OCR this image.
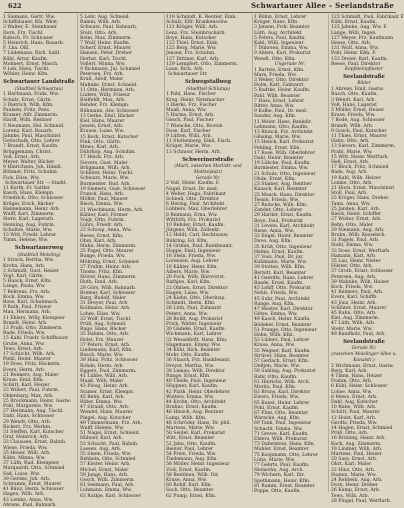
622	Schwartauer Allee – Seelandstraße
1 Siemann, Gertr. Ww.
Schiffsbauer, Kfz. Wkst.
3 Walter, E. Steinhauer
Dorn, Frz. Tischl.
Kubsch, Fr. Schlosser
5 Heinrich, Hans, Bauarb.
F. Lba. Olll.
7 Lüdemann, Rich. Sattl.
Kühl, Artur, Kaufm.
Mohnert, Ernst, Masch.
9 Leh, Hans, Tischl.
Wöhler, Heinr. Kfm.
Schwartauer Landstraße
(Stadtteil Schwartau)
1 Hartmann, Frida, Ww.
Schulz, Ernst, Gärtn.
3 Dietrich, Wilh. Kfm.
Paulsen, Fritz, Pens.
Kramer, Alfr. Zimmerm.
Hardt, Wilh. Rentner
5 Neumann, Hel. Schneid.
Lorenz, Karl, Bauarb.
Jahnke, Paul, Maschinist
Gottschalk, Otto, Lehrer
7 Brandt, Ernst, Kaufm.
Brüggemann, Christ.
Voß, Ernst, Arb.
Meyer, Walter, Bäcker
9 Hinrichsen, Joh. Händl.
Böhmer, Fritz, Schuhm.
Fick, Elise, Ww.
Schwartauer Str. → Stadtt.
11 Korth, Fr. Sattler
Kasch, Hans, Klempn.
Friedrich, Otto, Schlosser
Krüger, Erich, Bäcker
Hannemann, Heinr. Arb.
Wulff, Karl, Zimmerm.
Stern, Karl, Lagerarb.
Henning, Aug. Fuhrm.
Schultze, Marie, Ww.
13 Witt, Friedr. Lehrer
Timm, Helene, Ww.
Schwartauerweg
(Stadtteil Moisling)
1 Struck, Bertha, Ww.
Krohn, Hans, Arb.
3 Schmidt, Gust. Heizer
Vogt, Karl, Gärtn.
5 Haack, Ernst, Kfm.
Lange, Paula, Ww.
7 Behrens, Frz. Arb.
Kock, Emma, Ww.
Rose, Karl, Schuhmach.
9 Rath, Paul, Friseur
Mau, Hermann, Arb.
11 Ehlers, Willy, Klempner
Brandt, Heinr. Arb.
13 Prahl, Otto, Zimmerm.
Bade, Frieda, Ww.
15 Kahl, Friedr. Schiffbauer
Grube, Anna, Ww.
Tews, Ernst, Arb.
17 Schlicht, Wilh. Arb.
Piehl, Heinr. Maurer
19 Dose, Fritz, Bäckerm.
Evers, Herm. Arb.
21 Reimers, Aug. Maler
Kruse, Emil, Kfm.
Schütt, Karl, Heizer
23 Willert, Paul, Fuhrm.
Oldenburg, Max, Arb.
25 Brockmann, Heinr. Gastw.
Pohl, Margarete, Ww.
27 Heitmann, Aug. Tischl.
Dahl, Hans, Schlosser
29 Wendt, Otto, Arb.
Rickert, Frz. Werkm.
31 Steffen, Karl, Kutscher
Graf, Heinrich, Arb.
33 Claussen, Ernst, Bahnb.
Wiese, Frieda, Ww.
35 Heuer, Willi, Arb.
Kühn, Minna, Ww.
37 Lüth, Rud. Klempner
Marquardt, Otto, Schmied
Saß, Luise, Ww.
39 Gerdes, Joh. Arb.
Schramm, Ernst, Maurer
41 Bünz, Herm. Schlosser
Hagen, Wilh. Arb.
43 Lemke, Anna, Ww.
Ahrens, Paul, Bahnarb.
5 Lehr, Aug. Schneid.
Ramm, Wilh. Arb.
Schwarz, Paul, Bahnarb.
Stolz, Otto, Arb.
Bolm, Max, Zimmerm.
7 Wulf, Heinr. Kaufm.
Scherf, Ernst, Maurer
Hansen, Peter, Dreher
Herbst, Karl, Tischl.
Vollert, Minna, Ww.
9 Rickmann, Jul. Schmied
Petersen, Frz. Arb.
Krull, Adolf, Maler
Mahnke, Ernst, Schneid.
11 Otte, Hermann, Arb.
Lüders, Willy, Friseur
Bielfeldt, Max, Arb.
Rehder, Frz. Klempn.
Rühmann, Alw. Schlosser
13 Gerke, Emil, Bäcker
Kiel, Hans, Maurer
Jessen, Ernst, Arb.
Krause, Luise, Ww.
15 Bock, Ernst, Kutscher
Fink, Otto, Gärtn.
Mews, Karl, Arb.
Dührkop, Aug. Schuhm.
17 Heick, Frz. Arb.
Sievers, Gust. Maler
Brügmann, Wilh. Arb.
Schlüter, Heinr. Tischl.
Schwarz, Marie, Ww.
Burmeister, Rud. Arb.
19 Siemers, Gust. Schlosser
Franck, Hans, Arb.
Möller, Paul, Maurer
Rieck, Emma, Ww.
21 Wiechmann, Herm. Arb.
Kähler, Karl, Former
Voigt, Otto, Fuhrm.
Lührs, Friedr. Arb.
23 Schoop, Anna, Ww.
Reese, Ernst, Kfm.
Ohm, Karl, Arb.
Mahn, Herm. Zimmerm.
25 Pagel, Otto, Maurer
Bunge, Frieda, Ww.
Möhring, Ernst, Schmied
27 Frahm, Heinr. Arb.
Thoms, Fritz, Kfm.
Stöver, Hans, Zimmerm.
Huth, Emil, Arb.
29 Görs, Wilh. Bahnarb.
Bremer, Karl, Schlosser
Barg, Rudolf, Maler
31 Dreyer, Paul, Arb.
Kollmann, Heinr. Arb.
Lohse, Elise, Ww.
33 Wolf, Ernst, Tischl.
Prüß, Aug. Schneid.
Ruge, Hans, Bäcker
35 Dahms, Otto, Arb.
Holst, Frz. Maurer
37 Peters, Ernst, Arb.
Lindemann, Karl, Kfm.
Busch, Marie, Ww.
39 Hinz, Fritz, Schlosser
Rohde, Herm. Arb.
Eggers, Paul, Zimmerm.
41 Lübbe, Willi, Arb.
Maaß, Wilh. Maler
43 Ploog, Heinr. Arb.
Stamer, Ernst, Klempn.
45 Behn, Karl, Arb.
Rüter, Emma, Ww.
47 Strauß, Otto, Arb.
Wendel, Hans, Maurer
Pingel, Aug. Kutscher
49 Timmermann, Frz. Arb.
Wulff, Helene, Ww.
51 Nagel, Ernst, Schneid.
Hübner, Karl, Arb.
53 Schacht, Paul, Bahnb.
Lassen, Aug. Arb.
55 Steen, Frieda, Ww.
Rehbein, Otto, Schmied
57 Köster, Heinr. Arb.
Michel, Ernst, Maler
59 Junge, Hans, Arb.
Gosch, Wilh. Zimmerm.
61 Seemann, Paul, Arb.
Lohmann, Emma, Ww.
63 Rathje, Karl, Schlosser
119 Schmidt, K. Rentier, Eink.
Schulz, Elfr. Krankenschw.
121 Krüger, Willi, Arb.
Lenz, Frz. Steinbrucharb.
Boye, Hans, Kutscher
123 Thiel, Ernst, Eink.
125 Berg, Marie, Ww.
Jensen, Frz. Schuhm.
127 Dittmer, Karl, Arb.
129 Lempfert, Otto, Zimmerm.
Laue, Rich. Arb.
Schwartauer Str.
Schwegstallweg
(Stadtteil Schlutup)
1 Pahl, Hans, Fischer
Krog, Heinr. Netzmacher
3 Dierks, Frz. Fischer
Maaß, Anna, Ww.
5 Harms, Ernst, Arb.
Gosch, Paul, Fischer
7 Wiencke, Otto, Bootsb.
Dose, Karl, Fischer
9 Lütten, Willi, Arb.
11 Stoltenberg, Emil, Fisch.
Kröger, Marie, Ww.
13 Schnoor, Herm. Arb.
Schwerinerstraße
(Marli, zwischen Marlistr. und
Moltkeplatz)
Gerade Nr.
2 Voß, Heinr. Kaufm. F.
Nagel, Ernst, Dr. med.
4 Weber, Hugo, Fabrikant
Schnell, Otto, Direktor
6 Hering, Paul, Architekt
Lübbers, Max, Oberlehrer
8 Reimann, Erna, Ww.
Wittfoth, Frz. Prokurist
10 Rehder, Ernst, Kaufm.
Jürgens, Wilh. Zollsekr.
12 Heldt, Carl, Rechtsanw.
Bühring, Ed. Kfm.
14 Grimm, Paul, Bankbeamt.
Hoppe, Emil, Ingenieur
16 Stein, Frieda, Ww.
Lorenzen, Aug. Lehrer
18 Kähler, Heinr. Kfm.
Albers, Marie, Ww.
20 Fock, Wilh. Bürovorst.
Rathjen, Karl, Kfm.
22 Ohlsen, Ernst, Direktor
Hagen, Luise, Ww.
24 Kiehn, Otto, Oberinsp.
Schmidt, Herm. Kfm.
26 Lüth, Paul, Zahnarzt
Peters, Anna, Ww.
28 Boldt, Aug. Prokurist
Frick, Walter, Ingenieur
30 Gädeke, Ernst, Kaufm.
Wichmann, Karl, Lehrer
32 Wesselhöft, Hans, Kfm.
Hagemann, Emmy, Ww.
34 Kühl, Rich. Beamter
Mohr, Otto, Kaufm.
36 Staack, Frz. Bankbeamt.
Dreyer, Martha, Ww.
38 Lienau, Wilh. Direktor
Runge, Ernst, Kfm.
40 Thede, Paul, Ingenieur
Höppner, Karl, Kaufm.
42 Plath, Heinr. Oberlehrer
Wolters, Emma, Ww.
44 Krohn, Otto, Architekt
Bruhns, Ernst, Kaufm.
46 Hinsch, Aug. Rentner
Lamp, Wilh. Kfm.
48 Schröder, Hans, Dr. phil.
Martens, Marie, Ww.
50 Seidel, Karl, Prokurist
Witt, Ernst, Beamter
52 Jahn, Otto, Kaufm.
Reuter, Paul, Lehrer
54 Prien, Frieda, Ww.
Tiedemann, Aug. Kfm.
56 Möller, Heinr. Ingenieur
Vick, Ernst, Kaufm.
58 Benthien, Wilh. Dir.
Kruse, Anna, Ww.
60 Rohlf, Karl, Kfm.
Sach, Otto, Beamter
62 Pump, Ernst, Kfm.
1 Böhm, Ernst, Lehrer
Kröger, Hans, Kfm.
3 Jensen, Frdr. Beamter
Lüth, Aug. Architekt
5 Peters, Paul, Kaufm.
Kahl, Willi, Ingenieur
7 Dührsen, Emma, Ww.
9 Ahlers, Karl, Prokurist
Wendt, Otto, Kfm.
Ungerade Nr.
1 Bartels, Ernst, Kfm.
Marx, Frieda, Ww.
3 Weber, Otto, Direktor
Holm, Karl, Zahnarzt
5 Radtke, Heinr. Kaufm.
Pahl, Wilh. Beamter
7 Hass, Ernst, Lehrer
Ritter, Anna, Ww.
9 Kolbe, Paul, Dr. med.
Sander, Aug. Kfm.
11 Meier, Hans, Bankdir.
Lehmann, Otto, Kaufm.
13 Blunck, Frz. Architekt
Glüsing, Marie, Ww.
15 Henck, Karl, Prokurist
Fehling, Ernst, Kfm.
17 Rose, Wilh. Oberlehrer
Dahl, Heinr. Beamter
19 Lübcke, Paul, Kaufm.
Burmester, Emma, Ww.
21 Schulz, Otto, Ingenieur
Ohde, Ernst, Kfm.
23 Stamer, Aug. Rentner
Knaack, Karl, Beamter
25 Maack, Hans, Direktor
Tessin, Frieda, Ww.
27 Reincke, Wilh. Kfm.
Zander, Otto, Lehrer
29 Harder, Ernst, Kaufm.
Boye, Paul, Prokurist
31 Levien, Karl, Architekt
Riese, Anna, Ww.
33 Engel, Heinr. Beamter
Duve, Aug. Kfm.
35 Krüß, Otto, Ingenieur
Helms, Ernst, Kaufm.
37 Voss, Paul, Dr. jur.
Kuhlmann, Marie, Ww.
39 Stolten, Wilh. Kfm.
Bernitt, Karl, Beamter
41 Geerdts, Hans, Lehrer
Baade, Ernst, Kaufm.
43 Lohff, Otto, Prokurist
Nehls, Frieda, Ww.
45 Suhr, Paul, Architekt
Range, Aug. Kfm.
47 Mester, Karl, Direktor
Götze, Emma, Ww.
49 Kasch, Heinr. Kaufm.
Bödeker, Ernst, Beamter
51 Prange, Otto, Ingenieur
Höhn, Wilh. Kfm.
53 Lüders, Paul, Lehrer
Kruse, Anna, Ww.
55 Wegner, Karl, Kaufm.
Strüver, Hans, Beamter
57 Gerlach, Ernst, Kfm.
Oeltjen, Marie, Ww.
59 Sahling, Aug. Prokurist
Bahr, Otto, Kaufm.
61 Hinrichs, Wilh. Arch.
Moritz, Paul, Kfm.
63 Bruns, Karl, Direktor
Ewers, Frieda, Ww.
65 Kunst, Heinr. Lehrer
Pohl, Ernst, Kaufm.
67 Flint, Otto, Beamter
Warncke, Aug. Kfm.
69 Tank, Paul, Ingenieur
Schacht, Emma, Ww.
71 Grewe, Karl, Kaufm.
Ehlers, Wilh. Prokurist
73 Dabelstein, Hans, Kfm.
Mahler, Ernst, Beamter
75 Koopmann, Otto, Lehrer
Lütje, Marie, Ww.
77 Gehrts, Paul, Kaufm.
Heinsohn, Aug. Arch.
79 Wichern, Karl, Dir.
Spethmann, Heinr. Kfm.
81 Ramm, Ernst, Beamter
Poppe, Otto, Kaufm.
123 Schmidt, Paul, Fabrikant F.
Kühl, Ernst, Kaufm.
125 Jahnke, Aug. Ww. F.
Lange, Willi, Ingen.
127 Meyer, Frz. Kaufmann
Hesse, Otto, Arb.
131 Wulf, Anna, Ww.
Pohl, Heinr. Kfm. F.
133 Dreier, Karl, Kaufm.
Reese, Paul, Direktor
Kopfsteinpflaster
Seelandstraße
Bilder
1 Ahrens, Emil, Gastw.
Busch, Otto, Kaufm.
3 Wendt, Karl, Arb.
Voß, Hans, Lagerist
5 Möller, Ernst, Heizer
Kruse, Frieda, Ww.
7 Rode, Aug. Schlosser
Brandt, Wilh. Arb.
9 Gosch, Paul, Kutscher
11 Thies, Ernst, Maurer
Hahn, Otto, Arb.
13 Sievers, Karl, Zimmerm.
Prahl, Marie, Ww.
15 Witt, Heinr. Werftarb.
Heß, Ernst, Arb.
17 Block, Fritz, Schmied
Bade, Aug. Arb.
19 Kahl, Wilh. Heizer
Lemke, Otto, Arb.
21 Horn, Ernst, Maschinist
Stoll, Paul, Arb.
23 Kröger, Hans, Dreher
Tams, Anna, Ww.
25 Janßen, Karl, Arb.
Rieck, Heinr. Schiffer
27 Wolter, Ernst, Arb.
Behn, Otto, Maler
29 Niemann, Aug. Arb.
Bruhn, Wilh. Kesselsch.
31 Pagels, Paul, Arb.
Stahl, Emma, Ww.
33 Dose, Ernst, Werftarb.
Hamann, Karl, Arb.
35 Lau, Heinr. Nieter
Fölster, Otto, Arb.
37 Groth, Ernst, Schlosser
Petersen, Aug. Arb.
39 Mahnke, Wilh. Heizer
Koch, Frieda, Ww.
41 Reimers, Paul, Arb.
Evers, Karl, Schiffb.
43 Jöns, Heinr. Arb.
Schlüter, Ernst, Maurer
45 Rahn, Otto, Arb.
Kiel, Aug. Zimmerm.
47 Lüth, Wilh. Arb.
Stehr, Marie, Ww.
49 Bandholz, Paul, Arb.
Seelandstraße
Gerade Nr.
(zwischen Moislinger Allee u.
Kanalstr.)
2 Wichmann, Ernst, Gastw.
Berg, Karl, Arb.
4 Timm, Hans, Heizer
Frahm, Otto, Arb.
6 Kühl, Heinr. Schlosser
Lohse, Anna, Ww.
8 Mews, Ernst, Arb.
Dahl, Aug. Kutscher
10 Rabe, Wilh. Arb.
Schütt, Paul, Maurer
12 Holst, Karl, Arb.
Gerdts, Frieda, Ww.
14 Hagen, Ernst, Schmied
Prüß, Otto, Arb.
16 Brüning, Heinr. Arb.
Kock, Aug. Zimmerm.
18 Lindner, Wilh. Arb.
Martens, Paul, Heizer
20 Sass, Ernst, Arb.
Ohrt, Karl, Maler
22 Hinz, Otto, Arb.
Stamm, Marie, Ww.
24 Rehbein, Aug. Arb.
Dorn, Heinr. Dreher
26 Kamp, Ernst, Arb.
Tews, Wilh. Arb.
28 Pingel, Paul, Werftarb.
